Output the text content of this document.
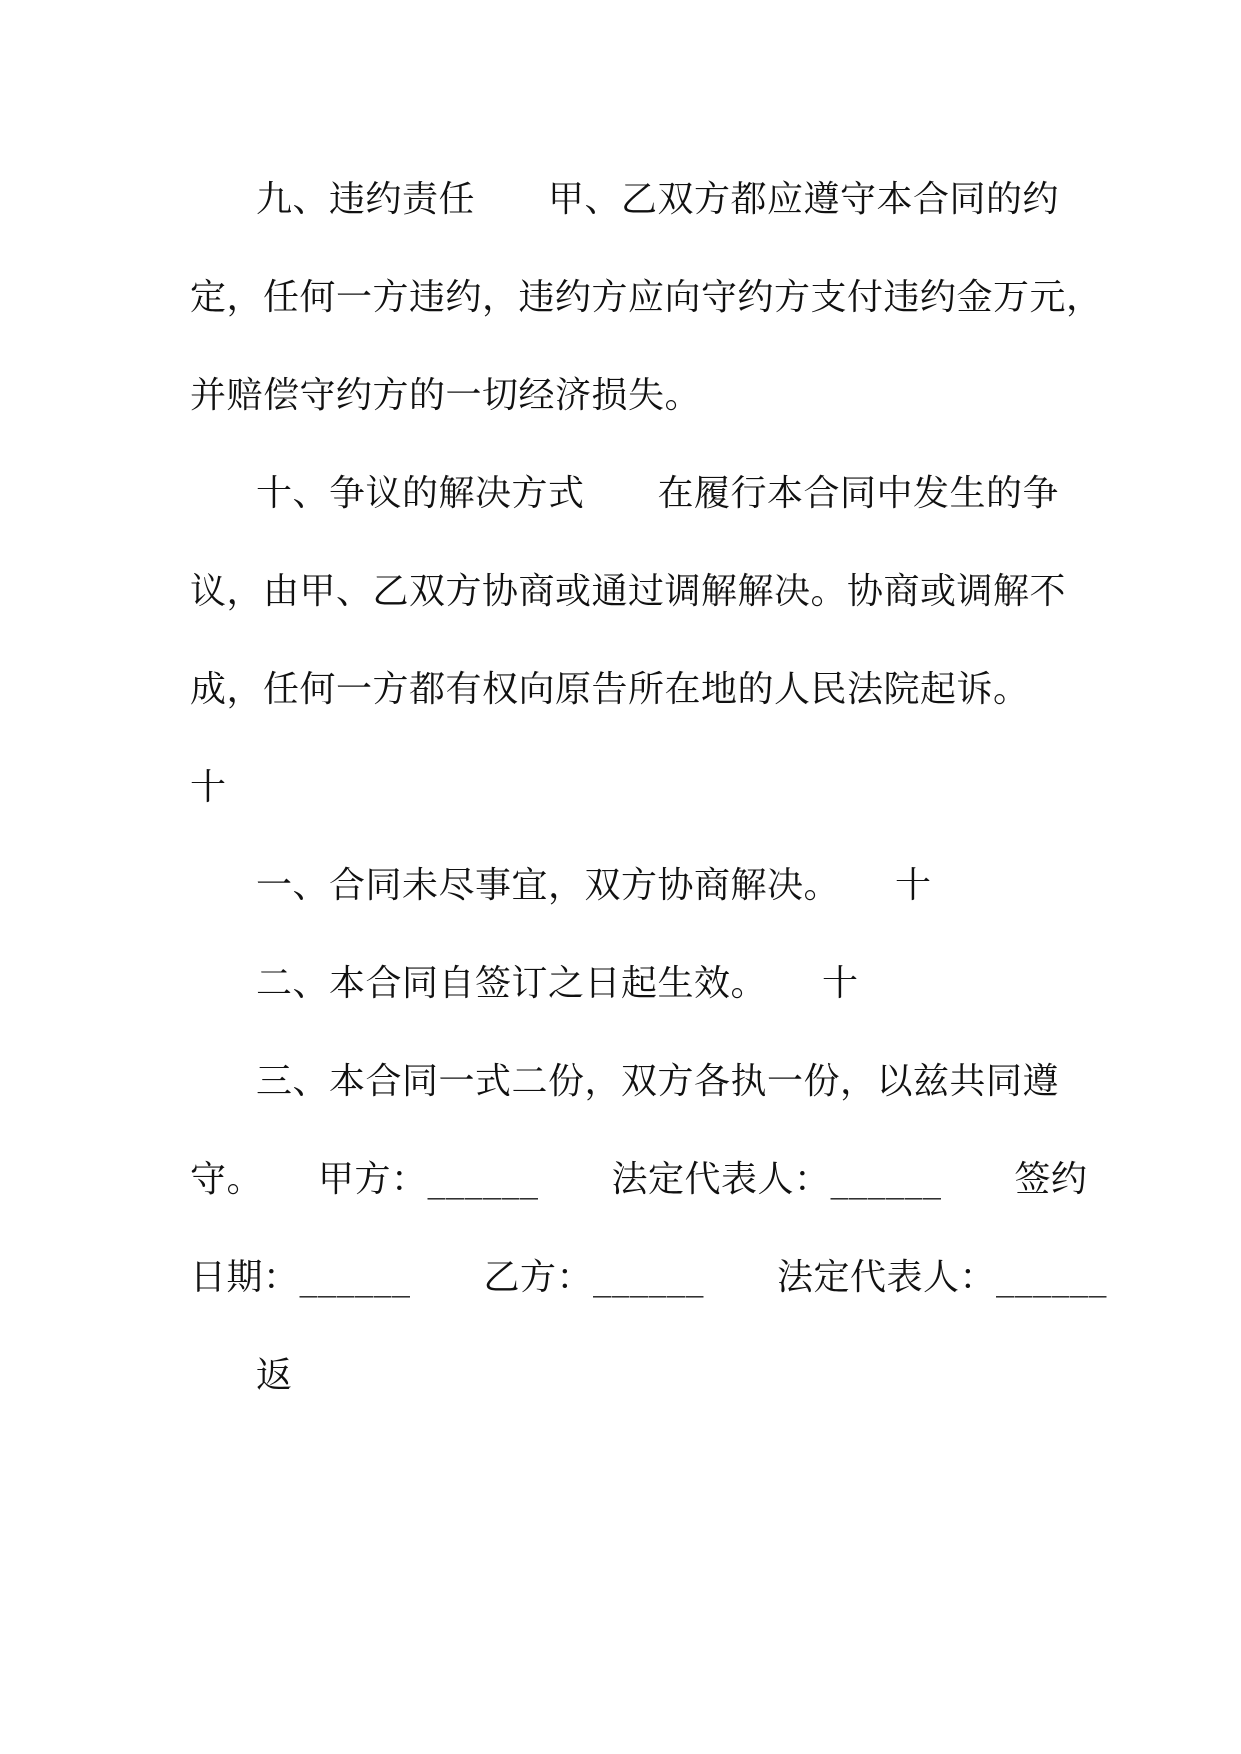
九、违约责任　　甲、乙双方都应遵守本合同的约
定，任何一方违约，违约方应向守约方支付违约金万元，
并赔偿守约方的一切经济损失。
十、争议的解决方式　　在履行本合同中发生的争
议，由甲、乙双方协商或通过调解解决。协商或调解不
成，任何一方都有权向原告所在地的人民法院起诉。
十
一、合同未尽事宜，双方协商解决。　　十
二、本合同自签订之日起生效。　　十
三、本合同一式二份，双方各执一份，以兹共同遵
守。　　甲方：______　　法定代表人：______　　签约
日期：______　　乙方：______　　法定代表人：______
返
